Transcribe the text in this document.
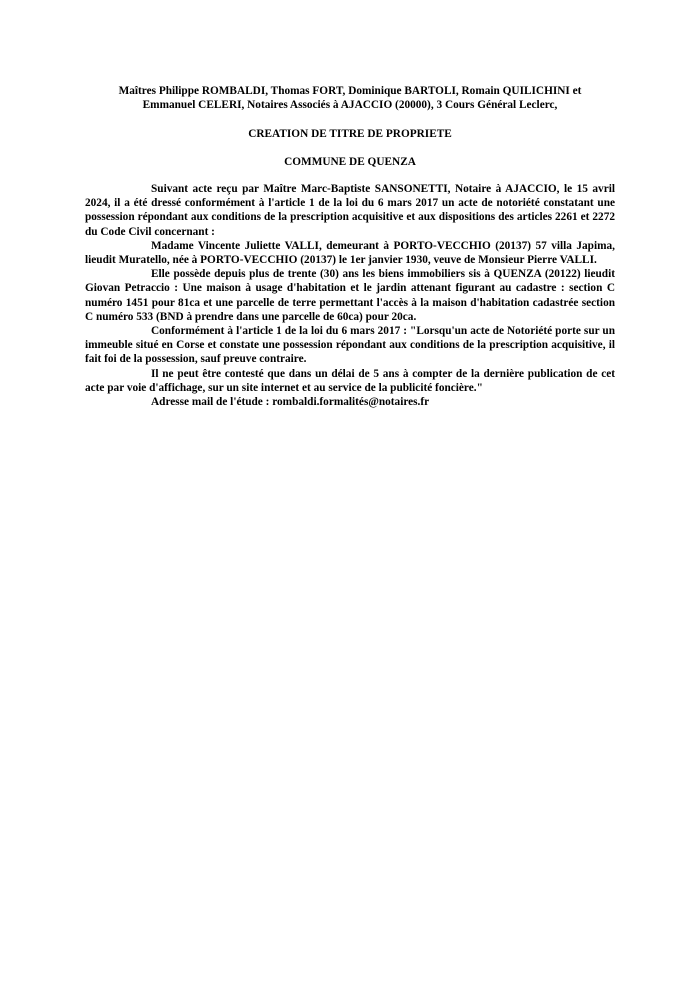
Maîtres Philippe ROMBALDI, Thomas FORT, Dominique BARTOLI, Romain QUILICHINI et
Emmanuel CELERI, Notaires Associés à AJACCIO (20000), 3 Cours Général Leclerc,
CREATION DE TITRE DE PROPRIETE
COMMUNE DE QUENZA

Suivant acte reçu par Maître Marc-Baptiste SANSONETTI, Notaire à AJACCIO, le 15 avril 2024, il a été dressé conformément à l'article 1 de la loi du 6 mars 2017 un acte de notoriété constatant une possession répondant aux conditions de la prescription acquisitive et aux dispositions des articles 2261 et 2272 du Code Civil concernant :

Madame Vincente Juliette VALLI, demeurant à PORTO-VECCHIO (20137) 57 villa Japima, lieudit Muratello, née à PORTO-VECCHIO (20137) le 1er janvier 1930, veuve de Monsieur Pierre VALLI.

Elle possède depuis plus de trente (30) ans les biens immobiliers sis à QUENZA (20122) lieudit Giovan Petraccio : Une maison à usage d'habitation et le jardin attenant figurant au cadastre : section C numéro 1451 pour 81ca et une parcelle de terre permettant l'accès à la maison d'habitation cadastrée section C numéro 533 (BND à prendre dans une parcelle de 60ca) pour 20ca.

Conformément à l'article 1 de la loi du 6 mars 2017 : "Lorsqu'un acte de Notoriété porte sur un immeuble situé en Corse et constate une possession répondant aux conditions de la prescription acquisitive, il fait foi de la possession, sauf preuve contraire.

Il ne peut être contesté que dans un délai de 5 ans à compter de la dernière publication de cet acte par voie d'affichage, sur un site internet et au service de la publicité foncière."

Adresse mail de l'étude : rombaldi.formalités@notaires.fr
